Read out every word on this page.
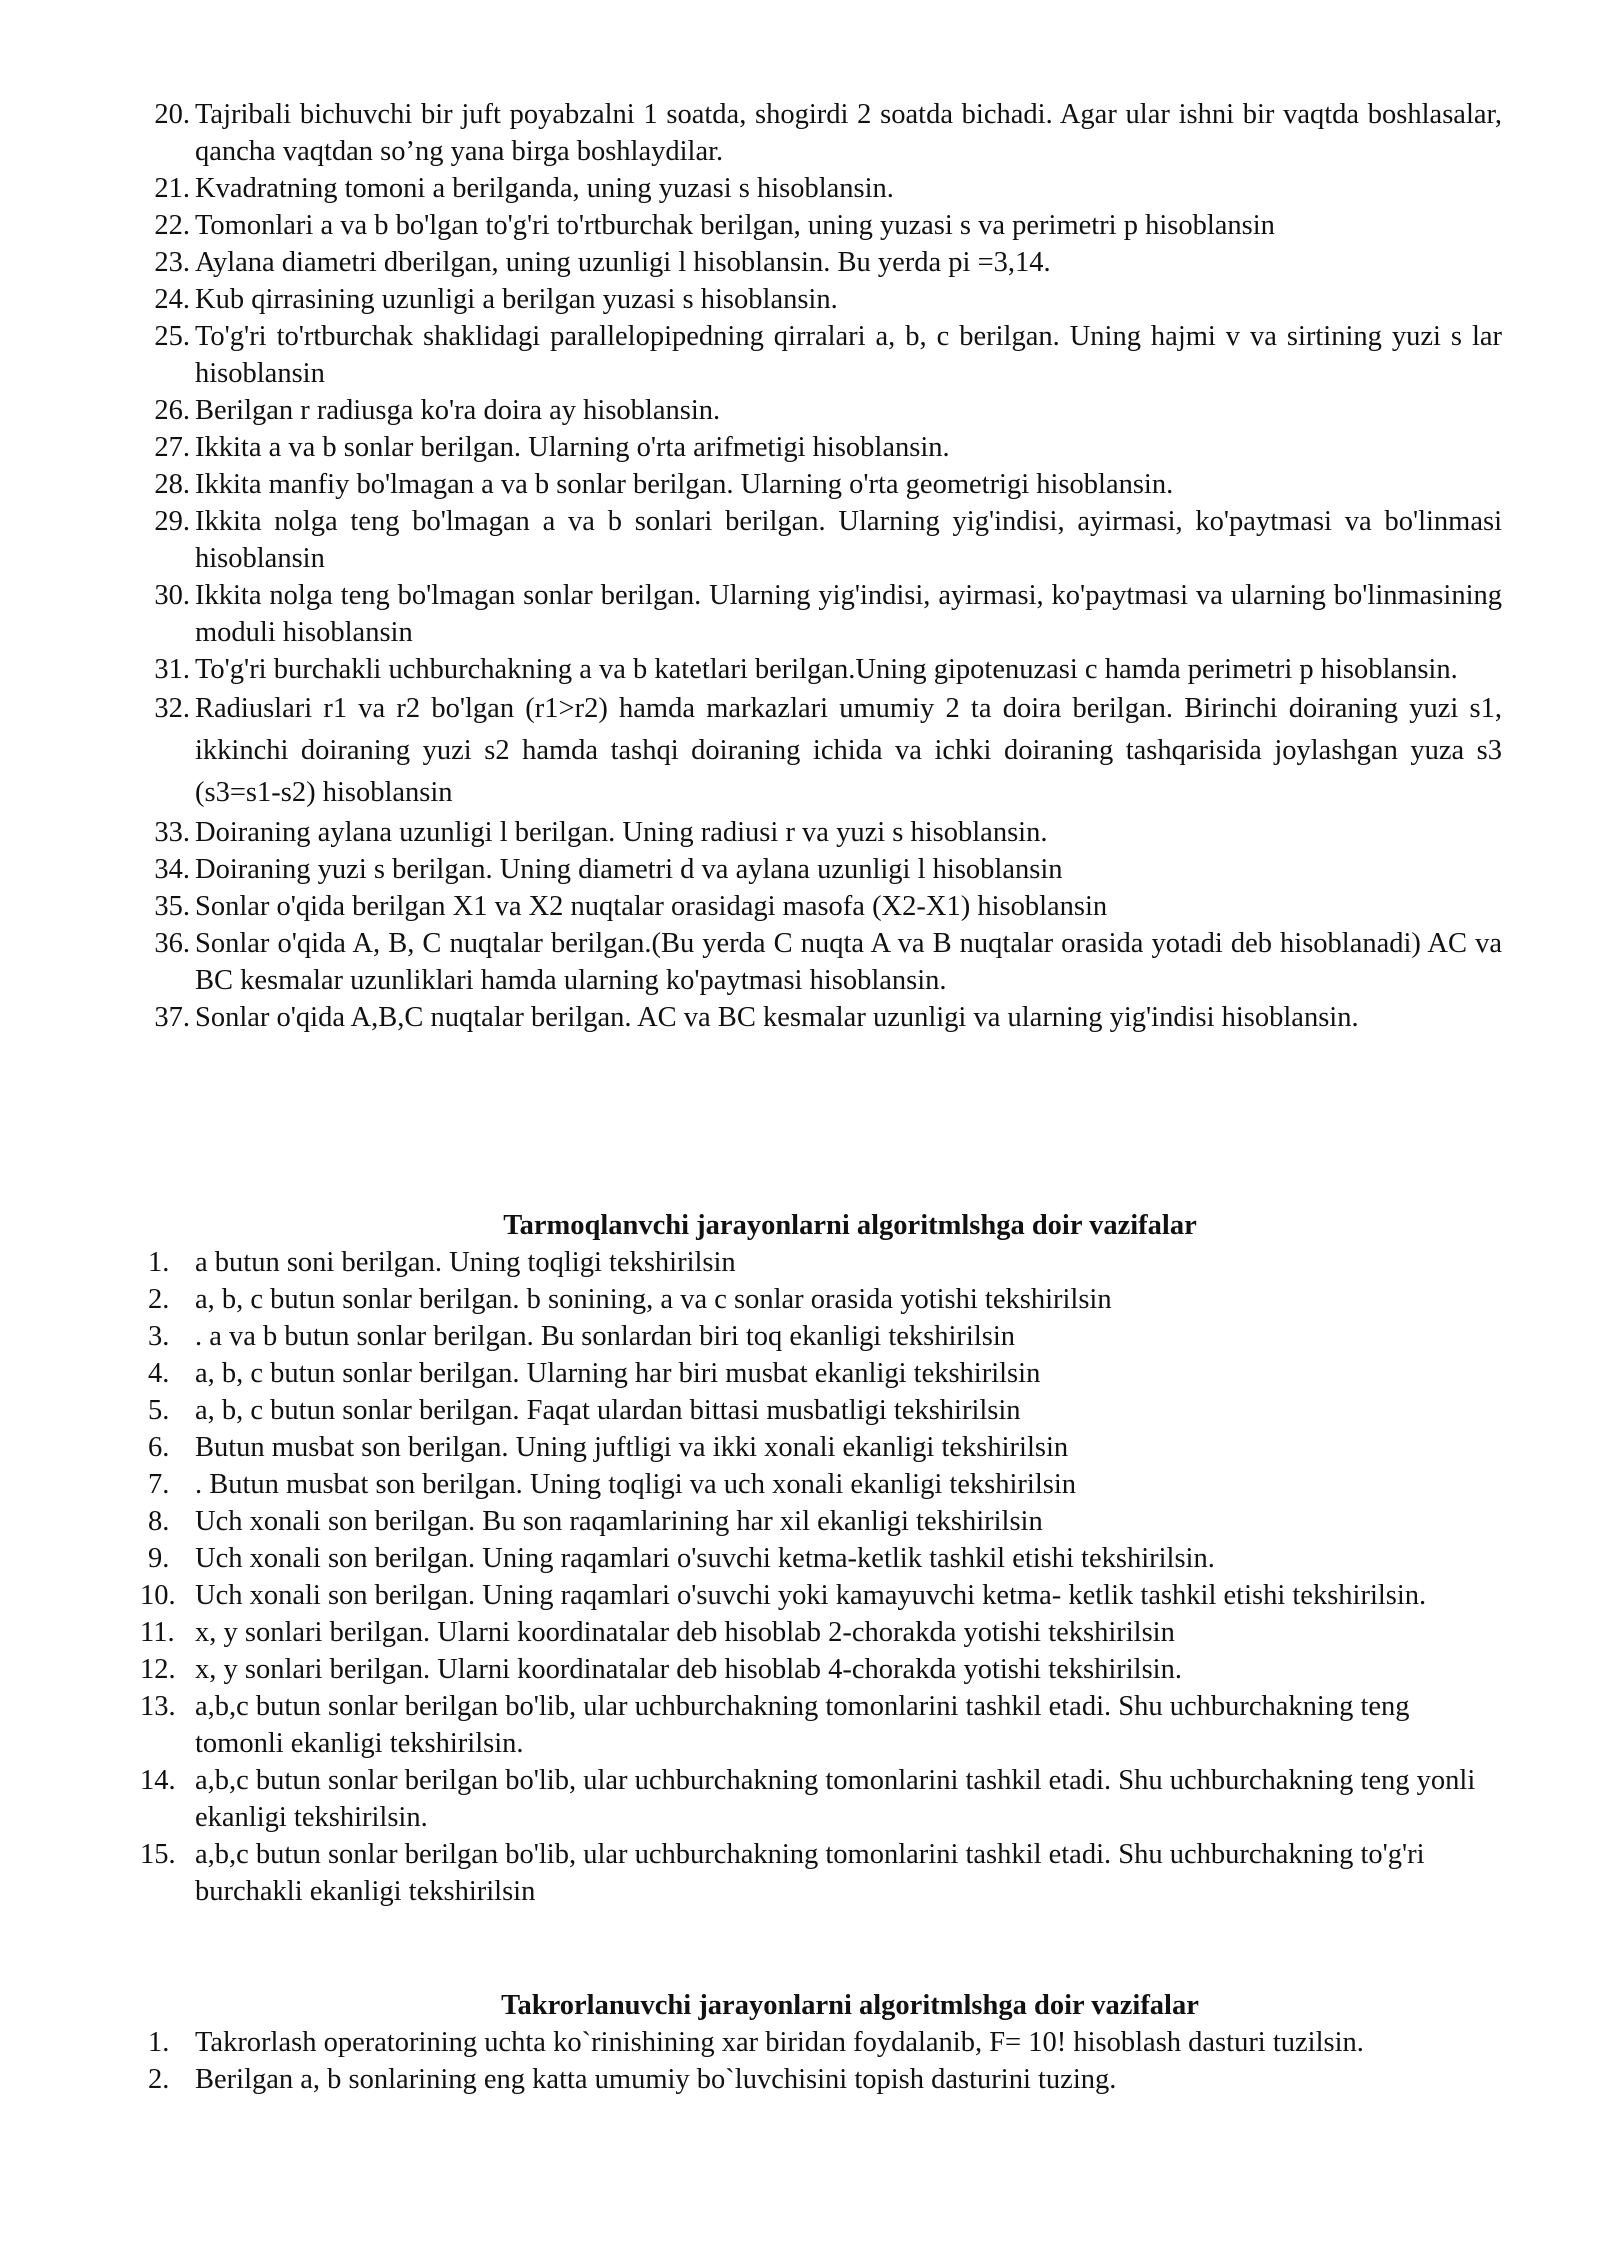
20. Tajribali bichuvchi bir juft poyabzalni 1 soatda, shogirdi 2 soatda bichadi. Agar ular ishni bir vaqtda boshlasalar, qancha vaqtdan so’ng yana birga boshlaydilar.
21. Kvadratning tomoni a berilganda, uning yuzasi s hisoblansin.
22. Tomonlari a va b bo'lgan to'g'ri to'rtburchak berilgan, uning yuzasi s va perimetri p hisoblansin
23. Aylana diametri dberilgan, uning uzunligi l hisoblansin. Bu yerda pi =3,14.
24. Kub qirrasining uzunligi a berilgan yuzasi s hisoblansin.
25. To'g'ri to'rtburchak shaklidagi parallelopipedning qirralari a, b, c berilgan. Uning hajmi v va sirtining yuzi s lar hisoblansin
26. Berilgan r radiusga ko'ra doira ay hisoblansin.
27. Ikkita a va b sonlar berilgan. Ularning o'rta arifmetigi hisoblansin.
28. Ikkita manfiy bo'lmagan a va b sonlar berilgan. Ularning o'rta geometrigi hisoblansin.
29. Ikkita nolga teng bo'lmagan a va b sonlari berilgan. Ularning yig'indisi, ayirmasi, ko'paytmasi va bo'linmasi hisoblansin
30. Ikkita nolga teng bo'lmagan sonlar berilgan. Ularning yig'indisi, ayirmasi, ko'paytmasi va ularning bo'linmasining moduli hisoblansin
31. To'g'ri burchakli uchburchakning a va b katetlari berilgan.Uning gipotenuzasi c hamda perimetri p hisoblansin.
32. Radiuslari r1 va r2 bo'lgan (r1>r2) hamda markazlari umumiy 2 ta doira berilgan. Birinchi doiraning yuzi s1, ikkinchi doiraning yuzi s2 hamda tashqi doiraning ichida va ichki doiraning tashqarisida joylashgan yuza s3 (s3=s1-s2) hisoblansin
33. Doiraning aylana uzunligi l berilgan. Uning radiusi r va yuzi s hisoblansin.
34. Doiraning yuzi s berilgan. Uning diametri d va aylana uzunligi l hisoblansin
35. Sonlar o'qida berilgan X1 va X2 nuqtalar orasidagi masofa (X2-X1) hisoblansin
36. Sonlar o'qida A, B, C nuqtalar berilgan.(Bu yerda C nuqta A va B nuqtalar orasida yotadi deb hisoblanadi) AC va BC kesmalar uzunliklari hamda ularning ko'paytmasi hisoblansin.
37. Sonlar o'qida A,B,C nuqtalar berilgan. AC va BC kesmalar uzunligi va ularning yig'indisi hisoblansin.
Tarmoqlanvchi jarayonlarni algoritmlshga doir vazifalar
1. a butun soni berilgan. Uning toqligi tekshirilsin
2. a, b, c butun sonlar berilgan. b sonining, a va c sonlar orasida yotishi tekshirilsin
3. . a va b butun sonlar berilgan. Bu sonlardan biri toq ekanligi tekshirilsin
4. a, b, c butun sonlar berilgan. Ularning har biri musbat ekanligi tekshirilsin
5. a, b, c butun sonlar berilgan. Faqat ulardan bittasi musbatligi tekshirilsin
6. Butun musbat son berilgan. Uning juftligi va ikki xonali ekanligi tekshirilsin
7. . Butun musbat son berilgan. Uning toqligi va uch xonali ekanligi tekshirilsin
8. Uch xonali son berilgan. Bu son raqamlarining har xil ekanligi tekshirilsin
9. Uch xonali son berilgan. Uning raqamlari o'suvchi ketma-ketlik tashkil etishi tekshirilsin.
10. Uch xonali son berilgan. Uning raqamlari o'suvchi yoki kamayuvchi ketma- ketlik tashkil etishi tekshirilsin.
11. x, y sonlari berilgan. Ularni koordinatalar deb hisoblab 2-chorakda yotishi tekshirilsin
12. x, y sonlari berilgan. Ularni koordinatalar deb hisoblab 4-chorakda yotishi tekshirilsin.
13. a,b,c butun sonlar berilgan bo'lib, ular uchburchakning tomonlarini tashkil etadi. Shu uchburchakning teng tomonli ekanligi tekshirilsin.
14. a,b,c butun sonlar berilgan bo'lib, ular uchburchakning tomonlarini tashkil etadi. Shu uchburchakning teng yonli ekanligi tekshirilsin.
15. a,b,c butun sonlar berilgan bo'lib, ular uchburchakning tomonlarini tashkil etadi. Shu uchburchakning to'g'ri burchakli ekanligi tekshirilsin
Takrorlanuvchi jarayonlarni algoritmlshga doir vazifalar
1. Takrorlash operatorining uchta ko`rinishining xar biridan foydalanib, F= 10! hisoblash dasturi tuzilsin.
2. Berilgan a, b sonlarining eng katta umumiy bo`luvchisini topish dasturini tuzing.
